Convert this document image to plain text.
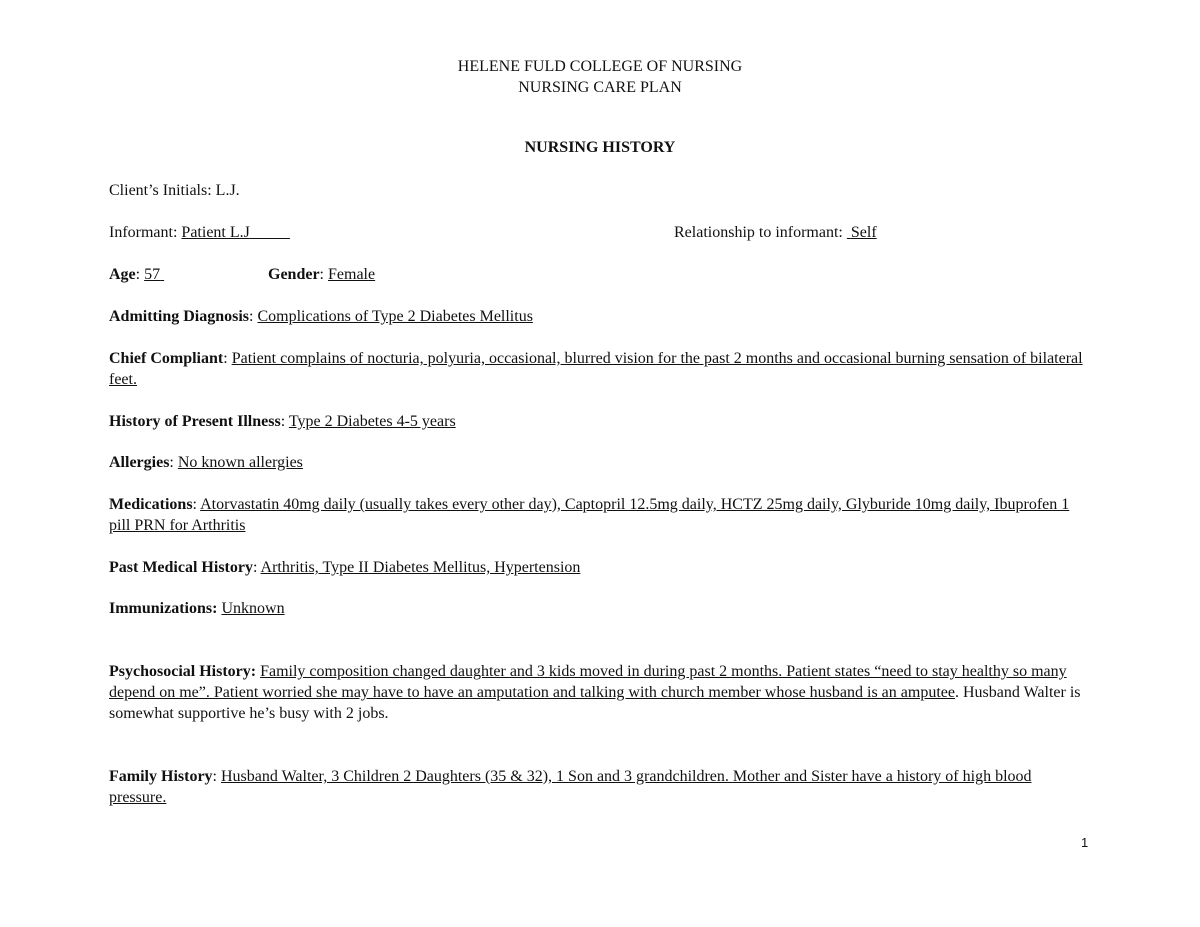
HELENE FULD COLLEGE OF NURSING
NURSING CARE PLAN
NURSING HISTORY
Client’s Initials: L.J.
Informant: Patient L.J	Relationship to informant: Self
Age: 57	Gender: Female
Admitting Diagnosis: Complications of Type 2 Diabetes Mellitus
Chief Compliant: Patient complains of nocturia, polyuria, occasional, blurred vision for the past 2 months and occasional burning sensation of bilateral feet.
History of Present Illness: Type 2 Diabetes 4-5 years
Allergies: No known allergies
Medications: Atorvastatin 40mg daily (usually takes every other day), Captopril 12.5mg daily, HCTZ 25mg daily, Glyburide 10mg daily, Ibuprofen 1 pill PRN for Arthritis
Past Medical History: Arthritis, Type II Diabetes Mellitus, Hypertension
Immunizations: Unknown
Psychosocial History: Family composition changed daughter and 3 kids moved in during past 2 months. Patient states “need to stay healthy so many depend on me”. Patient worried she may have to have an amputation and talking with church member whose husband is an amputee. Husband Walter is somewhat supportive he’s busy with 2 jobs.
Family History: Husband Walter, 3 Children 2 Daughters (35 & 32), 1 Son and 3 grandchildren. Mother and Sister have a history of high blood pressure.
1
